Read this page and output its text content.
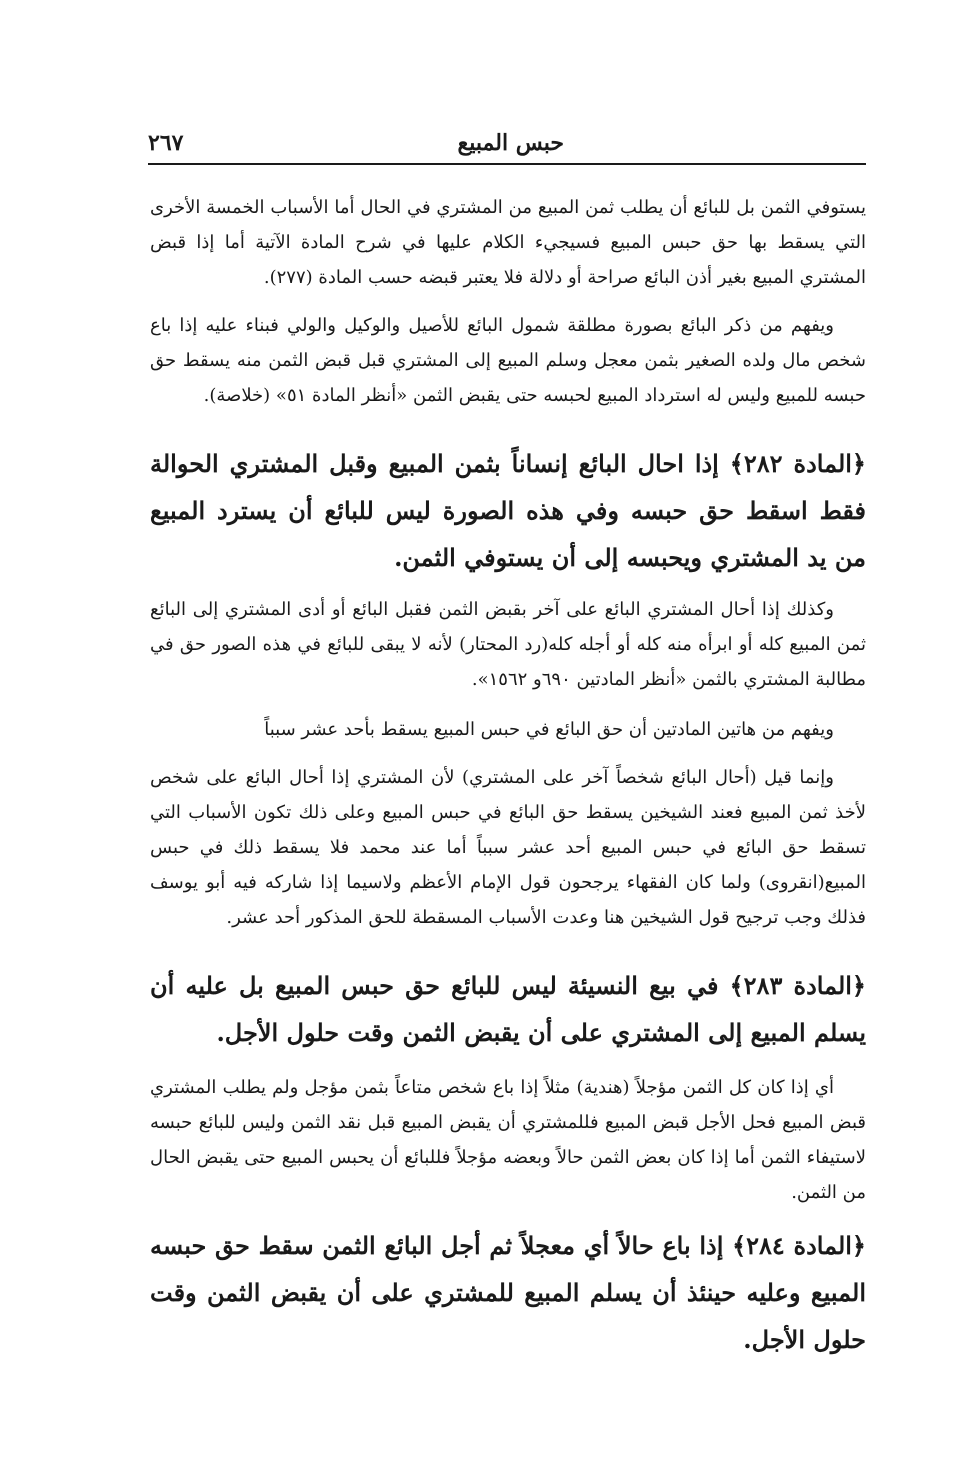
حبس المبيع
٢٦٧
يستوفي الثمن بل للبائع أن يطلب ثمن المبيع من المشتري في الحال أما الأسباب الخمسة الأخرى التي يسقط بها حق حبس المبيع فسيجيء الكلام عليها في شرح المادة الآتية أما إذا قبض المشتري المبيع بغير أذن البائع صراحة أو دلالة فلا يعتبر قبضه حسب المادة (٢٧٧).
ويفهم من ذكر البائع بصورة مطلقة شمول البائع للأصيل والوكيل والولي فبناء عليه إذا باع شخص مال ولده الصغير بثمن معجل وسلم المبيع إلى المشتري قبل قبض الثمن منه يسقط حق حبسه للمبيع وليس له استرداد المبيع لحبسه حتى يقبض الثمن «أنظر المادة ٥١» (خلاصة).
﴿المادة ٢٨٢﴾ إذا احال البائع إنساناً بثمن المبيع وقبل المشتري الحوالة فقط اسقط حق حبسه وفي هذه الصورة ليس للبائع أن يسترد المبيع من يد المشتري ويحبسه إلى أن يستوفي الثمن.
وكذلك إذا أحال المشتري البائع على آخر بقبض الثمن فقبل البائع أو أدى المشتري إلى البائع ثمن المبيع كله أو ابرأه منه كله أو أجله كله(رد المحتار) لأنه لا يبقى للبائع في هذه الصور حق في مطالبة المشتري بالثمن «أنظر المادتين ٦٩٠و ١٥٦٢».
ويفهم من هاتين المادتين أن حق البائع في حبس المبيع يسقط بأحد عشر سبباً
وإنما قيل (أحال البائع شخصاً آخر على المشتري) لأن المشتري إذا أحال البائع على شخص لأخذ ثمن المبيع فعند الشيخين يسقط حق البائع في حبس المبيع وعلى ذلك تكون الأسباب التي تسقط حق البائع في حبس المبيع أحد عشر سبباً أما عند محمد فلا يسقط ذلك في حبس المبيع(انقروى) ولما كان الفقهاء يرجحون قول الإمام الأعظم ولاسيما إذا شاركه فيه أبو يوسف فذلك وجب ترجيح قول الشيخين هنا وعدت الأسباب المسقطة للحق المذكور أحد عشر.
﴿المادة ٢٨٣﴾ في بيع النسيئة ليس للبائع حق حبس المبيع بل عليه أن يسلم المبيع إلى المشتري على أن يقبض الثمن وقت حلول الأجل.
أي إذا كان كل الثمن مؤجلاً (هندية) مثلاً إذا باع شخص متاعاً بثمن مؤجل ولم يطلب المشتري قبض المبيع فحل الأجل قبض المبيع فللمشتري أن يقبض المبيع قبل نقد الثمن وليس للبائع حبسه لاستيفاء الثمن أما إذا كان بعض الثمن حالاً وبعضه مؤجلاً فللبائع أن يحبس المبيع حتى يقبض الحال من الثمن.
﴿المادة ٢٨٤﴾ إذا باع حالاً أي معجلاً ثم أجل البائع الثمن سقط حق حبسه المبيع وعليه حينئذ أن يسلم المبيع للمشتري على أن يقبض الثمن وقت حلول الأجل.
